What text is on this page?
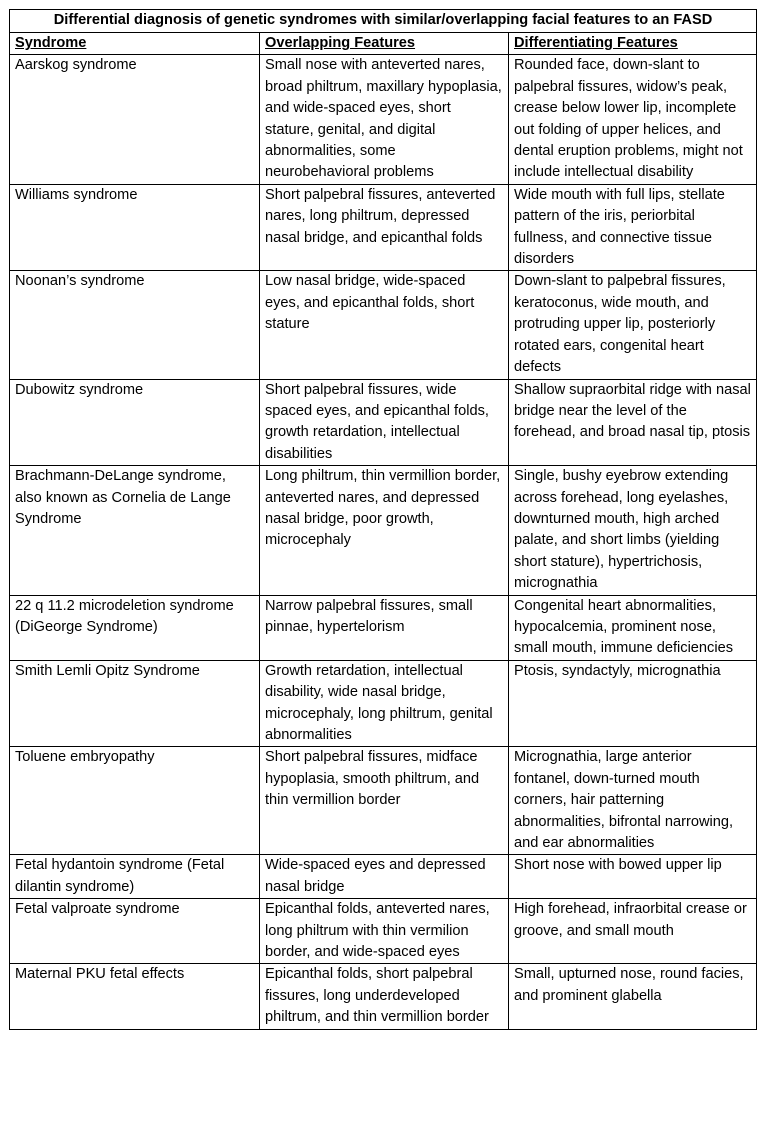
Differential diagnosis of genetic syndromes with similar/overlapping facial features to an FASD		
Syndrome	Overlapping Features	Differentiating Features
Aarskog syndrome	Small nose with anteverted nares, broad philtrum, maxillary hypoplasia, and wide-spaced eyes, short stature, genital, and digital abnormalities, some neurobehavioral problems	Rounded face, down-slant to palpebral fissures, widow’s peak, crease below lower lip, incomplete out folding of upper helices, and dental eruption problems, might not include intellectual disability
Williams syndrome	Short palpebral fissures, anteverted nares, long philtrum, depressed nasal bridge, and epicanthal folds	Wide mouth with full lips, stellate pattern of the iris, periorbital fullness, and connective tissue disorders
Noonan’s syndrome	Low nasal bridge, wide-spaced eyes, and epicanthal folds, short stature	Down-slant to palpebral fissures, keratoconus, wide mouth, and protruding upper lip, posteriorly rotated ears, congenital heart defects
Dubowitz syndrome	Short palpebral fissures, wide spaced eyes, and epicanthal folds, growth retardation, intellectual disabilities	Shallow supraorbital ridge with nasal bridge near the level of the forehead, and broad nasal tip, ptosis
Brachmann-DeLange syndrome, also known as Cornelia de Lange Syndrome	Long philtrum, thin vermillion border, anteverted nares, and depressed nasal bridge, poor growth, microcephaly	Single, bushy eyebrow extending across forehead, long eyelashes, downturned mouth, high arched palate, and short limbs (yielding short stature), hypertrichosis, micrognathia
22 q 11.2 microdeletion syndrome (DiGeorge Syndrome)	Narrow palpebral fissures, small pinnae, hypertelorism	Congenital heart abnormalities, hypocalcemia, prominent nose, small mouth, immune deficiencies
Smith Lemli Opitz Syndrome	Growth retardation, intellectual disability, wide nasal bridge, microcephaly, long philtrum, genital abnormalities	Ptosis, syndactyly, micrognathia
Toluene embryopathy	Short palpebral fissures, midface hypoplasia, smooth philtrum, and thin vermillion border	Micrognathia, large anterior fontanel, down-turned mouth corners, hair patterning abnormalities, bifrontal narrowing, and ear abnormalities
Fetal hydantoin syndrome (Fetal dilantin syndrome)	Wide-spaced eyes and depressed nasal bridge	Short nose with bowed upper lip
Fetal valproate syndrome	Epicanthal folds, anteverted nares, long philtrum with thin vermilion border, and wide-spaced eyes	High forehead, infraorbital crease or groove, and small mouth
Maternal PKU fetal effects	Epicanthal folds, short palpebral fissures, long underdeveloped philtrum, and thin vermillion border	Small, upturned nose, round facies, and prominent glabella
